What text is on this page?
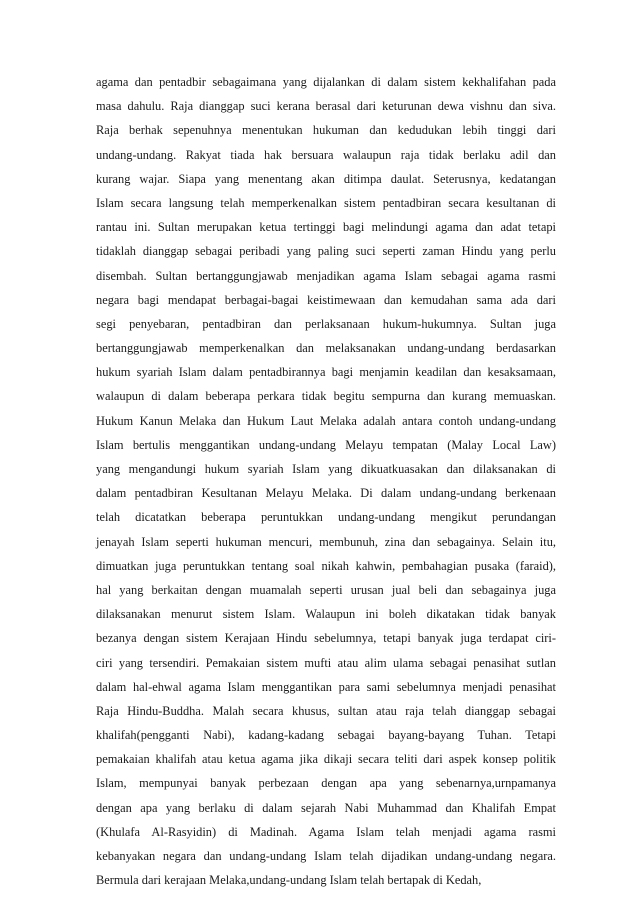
agama dan pentadbir sebagaimana yang dijalankan di dalam sistem kekhalifahan pada
masa dahulu. Raja dianggap suci kerana berasal dari keturunan dewa vishnu dan siva.
Raja berhak sepenuhnya menentukan hukuman dan kedudukan lebih tinggi dari
undang-undang. Rakyat tiada hak bersuara walaupun raja tidak berlaku adil dan
kurang wajar. Siapa yang menentang akan ditimpa daulat. Seterusnya, kedatangan
Islam secara langsung telah memperkenalkan sistem pentadbiran secara kesultanan di
rantau ini. Sultan merupakan ketua tertinggi bagi melindungi agama dan adat tetapi
tidaklah dianggap sebagai peribadi yang paling suci seperti zaman Hindu yang perlu
disembah. Sultan bertanggungjawab menjadikan agama Islam sebagai agama rasmi
negara bagi mendapat berbagai-bagai keistimewaan dan kemudahan sama ada dari
segi penyebaran, pentadbiran dan perlaksanaan hukum-hukumnya. Sultan juga
bertanggungjawab memperkenalkan dan melaksanakan undang-undang berdasarkan
hukum syariah Islam dalam pentadbirannya bagi menjamin keadilan dan kesaksamaan,
walaupun di dalam beberapa perkara tidak begitu sempurna dan kurang memuaskan.
Hukum Kanun Melaka dan Hukum Laut Melaka adalah antara contoh undang-undang
Islam bertulis menggantikan undang-undang Melayu tempatan (Malay Local Law)
yang mengandungi hukum syariah Islam yang dikuatkuasakan dan dilaksanakan di
dalam pentadbiran Kesultanan Melayu Melaka. Di dalam undang-undang berkenaan
telah dicatatkan beberapa peruntukkan undang-undang mengikut perundangan
jenayah Islam seperti hukuman mencuri, membunuh, zina dan sebagainya. Selain itu,
dimuatkan juga peruntukkan tentang soal nikah kahwin, pembahagian pusaka (faraid),
hal yang berkaitan dengan muamalah seperti urusan jual beli dan sebagainya juga
dilaksanakan menurut sistem Islam. Walaupun ini boleh dikatakan tidak banyak
bezanya dengan sistem Kerajaan Hindu sebelumnya, tetapi banyak juga terdapat ciri-
ciri yang tersendiri. Pemakaian sistem mufti atau alim ulama sebagai penasihat sutlan
dalam hal-ehwal agama Islam menggantikan para sami sebelumnya menjadi penasihat
Raja Hindu-Buddha. Malah secara khusus, sultan atau raja telah dianggap sebagai
khalifah(pengganti Nabi), kadang-kadang sebagai bayang-bayang Tuhan. Tetapi
pemakaian khalifah atau ketua agama jika dikaji secara teliti dari aspek konsep politik
Islam, mempunyai banyak perbezaan dengan apa yang sebenarnya,urnpamanya
dengan apa yang berlaku di dalam sejarah Nabi Muhammad dan Khalifah Empat
(Khulafa Al-Rasyidin) di Madinah. Agama Islam telah menjadi agama rasmi
kebanyakan negara dan undang-undang Islam telah dijadikan undang-undang negara.
Bermula dari kerajaan Melaka,undang-undang Islam telah bertapak di Kedah,
